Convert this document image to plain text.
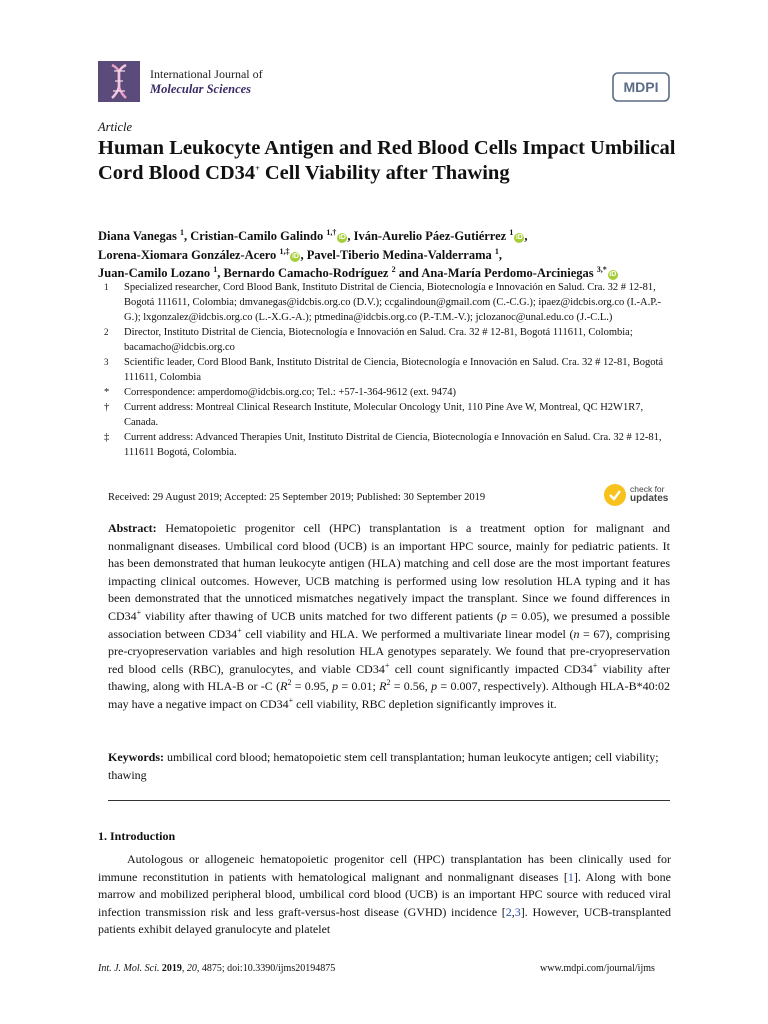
International Journal of
Molecular Sciences	MDPI
Article
Human Leukocyte Antigen and Red Blood Cells Impact Umbilical Cord Blood CD34+ Cell Viability after Thawing
Diana Vanegas $^1$, Cristian-Camilo Galindo $^{1,\dagger}$iD , Iván-Aurelio Páez-Gutiérrez $^1$iD ,
Lorena-Xiomara González-Acero $^{1,\ddagger}$iD , Pavel-Tiberio Medina-Valderrama $^1$,
Juan-Camilo Lozano $^1$, Bernardo Camacho-Rodríguez $^2$ and Ana-María Perdomo-Arciniegas $^{3,*}$iD
1	Specialized researcher, Cord Blood Bank, Instituto Distrital de Ciencia, Biotecnología e Innovación en Salud. Cra. 32 # 12-81, Bogotá 111611, Colombia; dmvanegas@idcbis.org.co (D.V.); ccgalindoun@gmail.com (C.-C.G.); ipaez@idcbis.org.co (I.-A.P.-G.); lxgonzalez@idcbis.org.co (L.-X.G.-A.); ptmedina@idcbis.org.co (P.-T.M.-V.); jclozanoc@unal.edu.co (J.-C.L.)
2	Director, Instituto Distrital de Ciencia, Biotecnología e Innovación en Salud. Cra. 32 # 12-81, Bogotá 111611, Colombia; bacamacho@idcbis.org.co
3	Scientific leader, Cord Blood Bank, Instituto Distrital de Ciencia, Biotecnología e Innovación en Salud. Cra. 32 # 12-81, Bogotá 111611, Colombia
*	Correspondence: amperdomo@idcbis.org.co; Tel.: +57-1-364-9612 (ext. 9474)
†	Current address: Montreal Clinical Research Institute, Molecular Oncology Unit, 110 Pine Ave W, Montreal, QC H2W1R7, Canada.
‡	Current address: Advanced Therapies Unit, Instituto Distrital de Ciencia, Biotecnología e Innovación en Salud. Cra. 32 # 12-81, 111611 Bogotá, Colombia.
Received: 29 August 2019; Accepted: 25 September 2019; Published: 30 September 2019
check for
updates
Abstract: Hematopoietic progenitor cell (HPC) transplantation is a treatment option for malignant and nonmalignant diseases. Umbilical cord blood (UCB) is an important HPC source, mainly for pediatric patients. It has been demonstrated that human leukocyte antigen (HLA) matching and cell dose are the most important features impacting clinical outcomes. However, UCB matching is performed using low resolution HLA typing and it has been demonstrated that the unnoticed mismatches negatively impact the transplant. Since we found differences in CD34+ viability after thawing of UCB units matched for two different patients (p = 0.05), we presumed a possible association between CD34+ cell viability and HLA. We performed a multivariate linear model (n = 67), comprising pre-cryopreservation variables and high resolution HLA genotypes separately. We found that pre-cryopreservation red blood cells (RBC), granulocytes, and viable CD34+ cell count significantly impacted CD34+ viability after thawing, along with HLA-B or -C ($R^2 = 0.95$, p = 0.01; $R^2 = 0.56$, p = 0.007, respectively). Although HLA-B*40:02 may have a negative impact on CD34+ cell viability, RBC depletion significantly improves it.
Keywords: umbilical cord blood; hematopoietic stem cell transplantation; human leukocyte antigen; cell viability; thawing
1. Introduction
Autologous or allogeneic hematopoietic progenitor cell (HPC) transplantation has been clinically used for immune reconstitution in patients with hematological malignant and nonmalignant diseases [1]. Along with bone marrow and mobilized peripheral blood, umbilical cord blood (UCB) is an important HPC source with reduced viral infection transmission risk and less graft-versus-host disease (GVHD) incidence [2,3]. However, UCB-transplanted patients exhibit delayed granulocyte and platelet
Int. J. Mol. Sci. 2019, 20, 4875; doi:10.3390/ijms20194875	www.mdpi.com/journal/ijms
